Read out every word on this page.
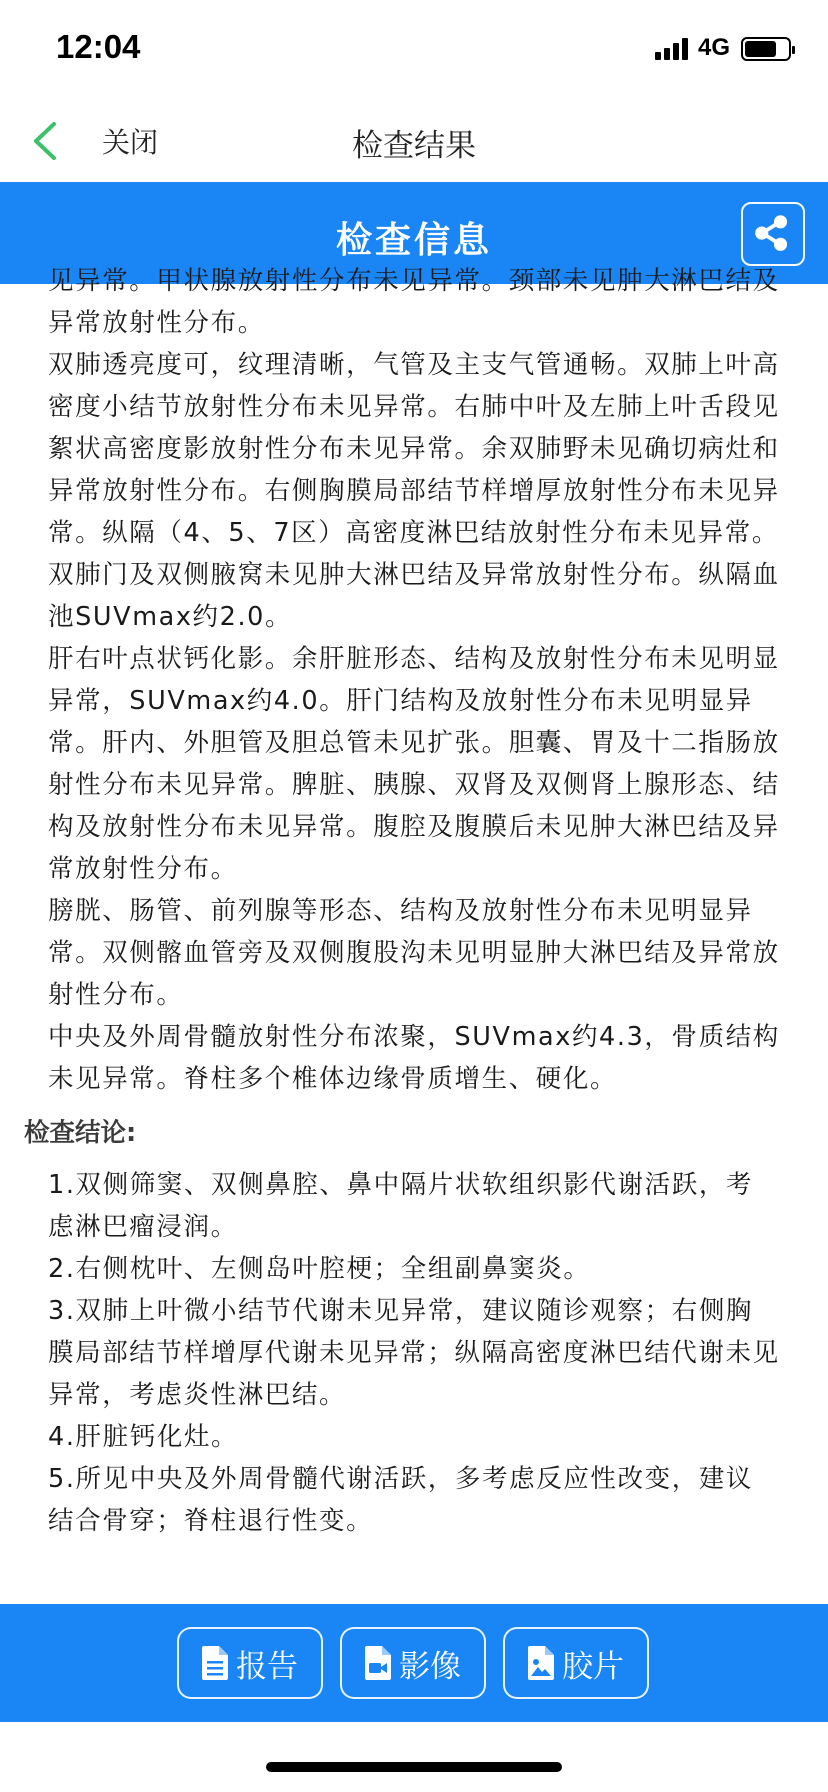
12:04	4G
关闭	检查结果
检查信息

见异常。甲状腺放射性分布未见异常。颈部未见肿大淋巴结及异常放射性分布。

双肺透亮度可，纹理清晰，气管及主支气管通畅。双肺上叶高密度小结节放射性分布未见异常。右肺中叶及左肺上叶舌段见絮状高密度影放射性分布未见异常。余双肺野未见确切病灶和异常放射性分布。右侧胸膜局部结节样增厚放射性分布未见异常。纵隔（4、5、7区）高密度淋巴结放射性分布未见异常。双肺门及双侧腋窝未见肿大淋巴结及异常放射性分布。纵隔血池SUVmax约2.0。

肝右叶点状钙化影。余肝脏形态、结构及放射性分布未见明显异常，SUVmax约4.0。肝门结构及放射性分布未见明显异常。肝内、外胆管及胆总管未见扩张。胆囊、胃及十二指肠放射性分布未见异常。脾脏、胰腺、双肾及双侧肾上腺形态、结构及放射性分布未见异常。腹腔及腹膜后未见肿大淋巴结及异常放射性分布。

膀胱、肠管、前列腺等形态、结构及放射性分布未见明显异常。双侧髂血管旁及双侧腹股沟未见明显肿大淋巴结及异常放射性分布。

中央及外周骨髓放射性分布浓聚，SUVmax约4.3，骨质结构未见异常。脊柱多个椎体边缘骨质增生、硬化。

检查结论:

1.双侧筛窦、双侧鼻腔、鼻中隔片状软组织影代谢活跃，考虑淋巴瘤浸润。

2.右侧枕叶、左侧岛叶腔梗；全组副鼻窦炎。

3.双肺上叶微小结节代谢未见异常，建议随诊观察；右侧胸膜局部结节样增厚代谢未见异常；纵隔高密度淋巴结代谢未见异常，考虑炎性淋巴结。

4.肝脏钙化灶。

5.所见中央及外周骨髓代谢活跃，多考虑反应性改变，建议结合骨穿；脊柱退行性变。

报告	影像	胶片
